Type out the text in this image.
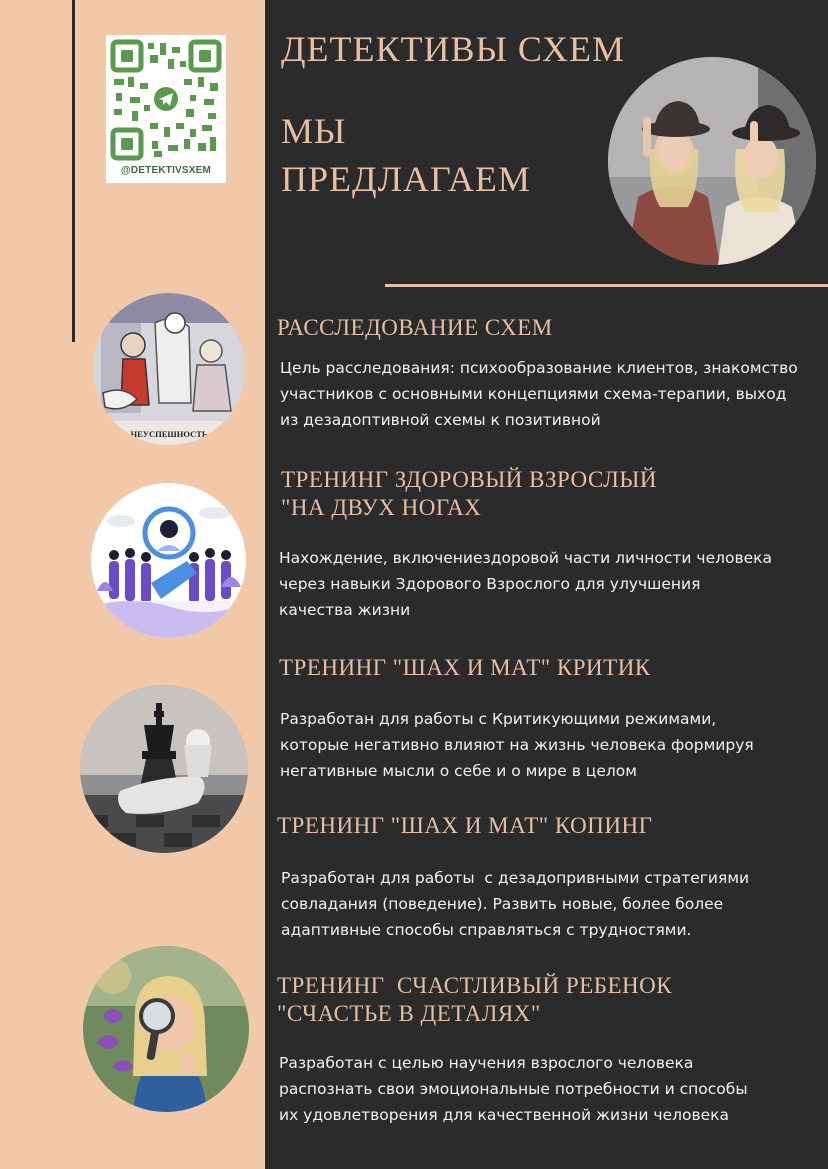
@DETEKTIVSXEM
ДЕТЕКТИВЫ СХЕМ
МЫ
ПРЕДЛАГАЕМ
НЕУСПЕШНОСТЬ
РАССЛЕДОВАНИЕ СХЕМ
Цель расследования: психообразование клиентов, знакомство
участников с основными концепциями схема-терапии, выход
из дезадоптивной схемы к позитивной
ТРЕНИНГ ЗДОРОВЫЙ ВЗРОСЛЫЙ
"НА ДВУХ НОГАХ
Нахождение, включениездоровой части личности человека
через навыки Здорового Взрослого для улучшения
качества жизни
ТРЕНИНГ "ШАХ И МАТ" КРИТИК
Разработан для работы с Критикующими режимами,
которые негативно влияют на жизнь человека формируя
негативные мысли о себе и о мире в целом
ТРЕНИНГ "ШАХ И МАТ" КОПИНГ
Разработан для работы  с дезадопривными стратегиями
совладания (поведение). Развить новые, более более
адаптивные способы справляться с трудностями.
ТРЕНИНГ  СЧАСТЛИВЫЙ РЕБЕНОК
"СЧАСТЬЕ В ДЕТАЛЯХ"
Разработан с целью научения взрослого человека
распознать свои эмоциональные потребности и способы
их удовлетворения для качественной жизни человека
